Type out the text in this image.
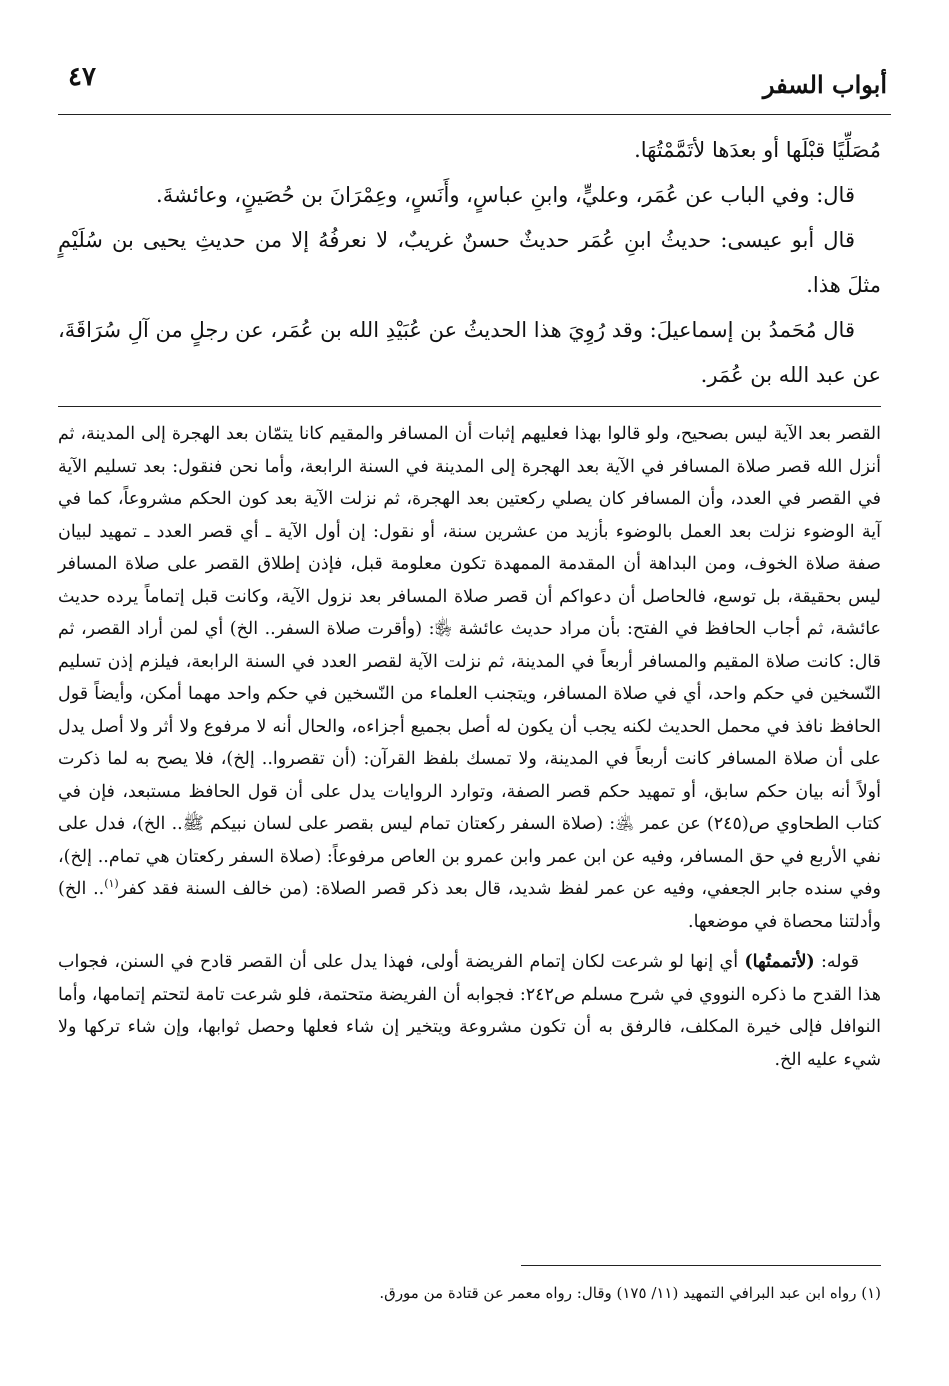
٤٧	أبواب السفر

مُصَلِّيًا قبْلَها أو بعدَها لأتَمَّمْتُهَا.

قال: وفي الباب عن عُمَر، وعليٍّ، وابنِ عباسٍ، وأَنَسٍ، وعِمْرَانَ بن حُصَينٍ، وعائشةَ.

قال أبو عيسى: حديثُ ابنِ عُمَر حديثٌ حسنٌ غريبٌ، لا نعرفُهُ إلا من حديثِ يحيى بن سُلَيْمٍ مثلَ هذا.

قال مُحَمدُ بن إسماعيلَ: وقد رُوِيَ هذا الحديثُ عن عُبَيْدِ الله بن عُمَر، عن رجلٍ من آلِ سُرَاقَةَ، عن عبد الله بن عُمَر.

القصر بعد الآية ليس بصحيح، ولو قالوا بهذا فعليهم إثبات أن المسافر والمقيم كانا يتمّان بعد الهجرة إلى المدينة، ثم أنزل الله قصر صلاة المسافر في الآية بعد الهجرة إلى المدينة في السنة الرابعة، وأما نحن فنقول: بعد تسليم الآية في القصر في العدد، وأن المسافر كان يصلي ركعتين بعد الهجرة، ثم نزلت الآية بعد كون الحكم مشروعاً، كما في آية الوضوء نزلت بعد العمل بالوضوء بأزيد من عشرين سنة، أو نقول: إن أول الآية ـ أي قصر العدد ـ تمهيد لبيان صفة صلاة الخوف، ومن البداهة أن المقدمة الممهدة تكون معلومة قبل، فإذن إطلاق القصر على صلاة المسافر ليس بحقيقة، بل توسع، فالحاصل أن دعواكم أن قصر صلاة المسافر بعد نزول الآية، وكانت قبل إتماماً يرده حديث عائشة، ثم أجاب الحافظ في الفتح: بأن مراد حديث عائشة ﵂: (وأقرت صلاة السفر.. الخ) أي لمن أراد القصر، ثم قال: كانت صلاة المقيم والمسافر أربعاً في المدينة، ثم نزلت الآية لقصر العدد في السنة الرابعة، فيلزم إذن تسليم النّسخين في حكم واحد، أي في صلاة المسافر، ويتجنب العلماء من النّسخين في حكم واحد مهما أمكن، وأيضاً قول الحافظ نافذ في محمل الحديث لكنه يجب أن يكون له أصل بجميع أجزاءه، والحال أنه لا مرفوع ولا أثر ولا أصل يدل على أن صلاة المسافر كانت أربعاً في المدينة، ولا تمسك بلفظ القرآن: (أن تقصروا.. إلخ)، فلا يصح به لما ذكرت أولاً أنه بيان حكم سابق، أو تمهيد حكم قصر الصفة، وتوارد الروايات يدل على أن قول الحافظ مستبعد، فإن في كتاب الطحاوي ص(٢٤٥) عن عمر ﵁: (صلاة السفر ركعتان تمام ليس بقصر على لسان نبيكم ﷺ.. الخ)، فدل على نفي الأربع في حق المسافر، وفيه عن ابن عمر وابن عمرو بن العاص مرفوعاً: (صلاة السفر ركعتان هي تمام.. إلخ)، وفي سنده جابر الجعفي، وفيه عن عمر لفظ شديد، قال بعد ذكر قصر الصلاة: (من خالف السنة فقد كفر$^{(١)}$.. الخ) وأدلتنا محصاة في موضعها.

قوله: (لأتممتُها) أي إنها لو شرعت لكان إتمام الفريضة أولى، فهذا يدل على أن القصر قادح في السنن، فجواب هذا القدح ما ذكره النووي في شرح مسلم ص٢٤٢: فجوابه أن الفريضة متحتمة، فلو شرعت تامة لتحتم إتمامها، وأما النوافل فإلى خيرة المكلف، فالرفق به أن تكون مشروعة ويتخير إن شاء فعلها وحصل ثوابها، وإن شاء تركها ولا شيء عليه الخ.

(١) رواه ابن عبد البرافي التمهيد (١١/ ١٧٥) وقال: رواه معمر عن قتادة من مورق.
